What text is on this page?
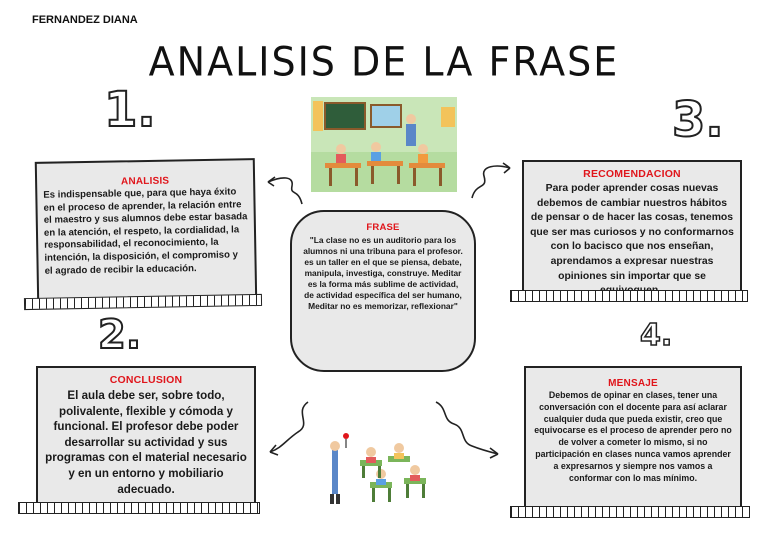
FERNANDEZ DIANA
ANALISIS DE LA FRASE
1.
2.
3.
4.
ANALISIS
Es indispensable que, para que haya éxito en el proceso de aprender, la relación entre el maestro y sus alumnos debe estar basada en la atención, el respeto, la cordialidad, la responsabilidad, el reconocimiento, la intención, la disposición, el compromiso y el agrado de recibir la educación.
FRASE
"La clase no es un auditorio para los alumnos ni una tribuna para el profesor. es un taller en el que se piensa, debate, manipula, investiga, construye. Meditar es la forma más sublime de actividad, de actividad específica del ser humano, Meditar no es memorizar, reflexionar"
RECOMENDACION
Para poder aprender cosas nuevas debemos de cambiar nuestros hábitos de pensar o de hacer las cosas, tenemos que ser mas curiosos y no conformarnos con lo bacisco que nos enseñan, aprendamos a expresar nuestras opiniones sin importar que se
CONCLUSION
El aula debe ser, sobre todo, polivalente, flexible y cómoda y funcional. El profesor debe poder desarrollar su actividad y sus programas con el material necesario y en un entorno y mobiliario adecuado.
MENSAJE
Debemos de opinar en clases, tener una conversación con el docente para así aclarar cualquier duda que pueda existir, creo que equivocarse es el proceso de aprender pero no de volver a cometer lo mismo, si no participación en clases nunca vamos aprender a expresarnos y siempre nos vamos a conformar con lo mas mínimo.
